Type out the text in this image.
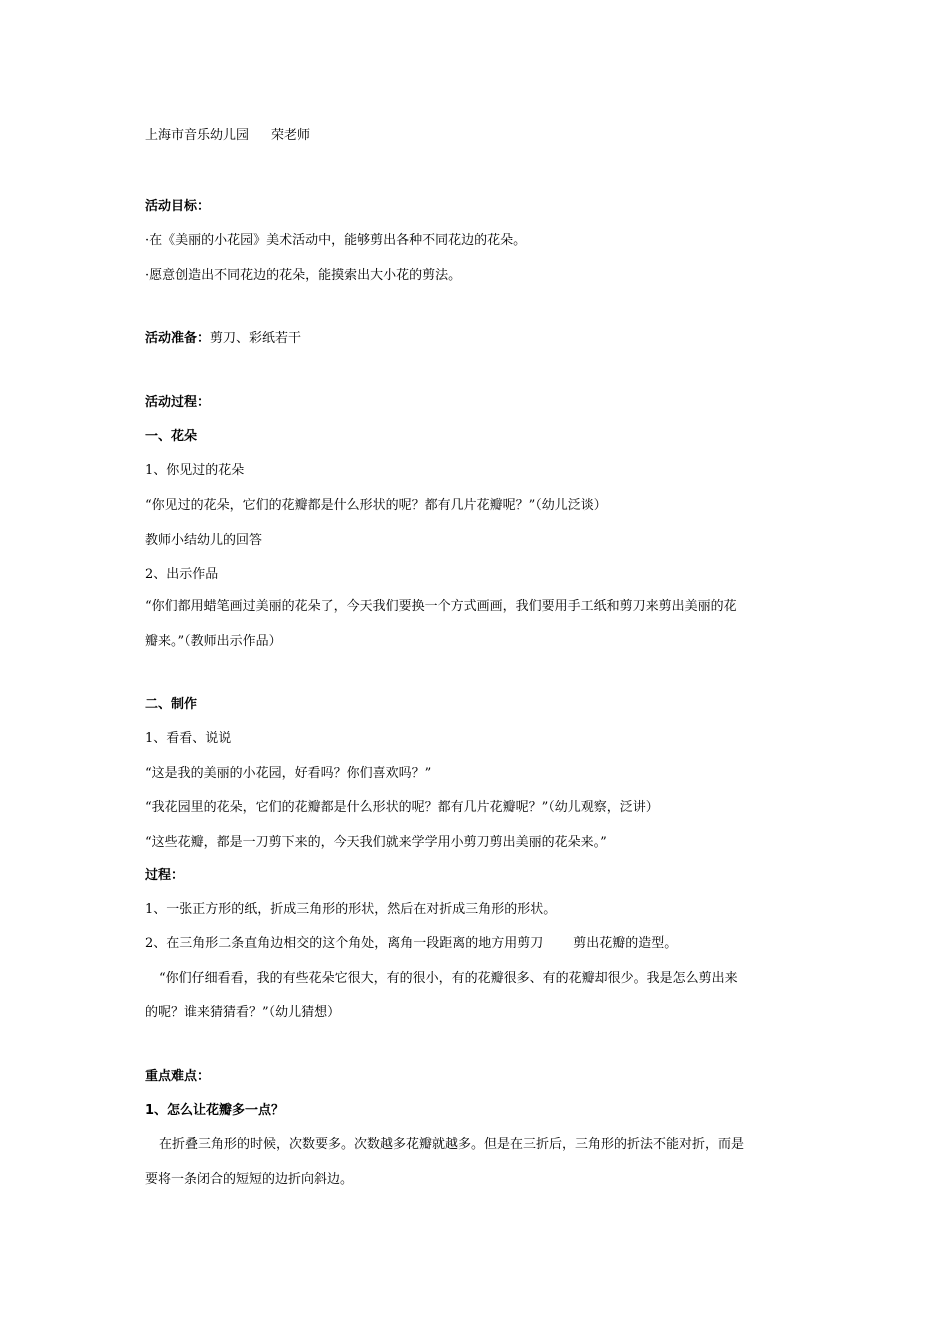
上海市音乐幼儿园 荣老师
活动目标：
·在《美丽的小花园》美术活动中，能够剪出各种不同花边的花朵。
·愿意创造出不同花边的花朵，能摸索出大小花的剪法。
活动准备：剪刀、彩纸若干
活动过程：
一、花朵
1、你见过的花朵
“你见过的花朵，它们的花瓣都是什么形状的呢？都有几片花瓣呢？”（幼儿泛谈）
教师小结幼儿的回答
2、出示作品
“你们都用蜡笔画过美丽的花朵了，今天我们要换一个方式画画，我们要用手工纸和剪刀来剪出美丽的花
瓣来。”（教师出示作品）
二、制作
1、看看、说说
“这是我的美丽的小花园，好看吗？你们喜欢吗？”
“我花园里的花朵，它们的花瓣都是什么形状的呢？都有几片花瓣呢？”（幼儿观察，泛讲）
“这些花瓣，都是一刀剪下来的，今天我们就来学学用小剪刀剪出美丽的花朵来。”
过程：
1、一张正方形的纸，折成三角形的形状，然后在对折成三角形的形状。
2、在三角形二条直角边相交的这个角处，离角一段距离的地方用剪刀 剪出花瓣的造型。
“你们仔细看看，我的有些花朵它很大，有的很小，有的花瓣很多、有的花瓣却很少。我是怎么剪出来
的呢？谁来猜猜看？”（幼儿猜想）
重点难点：
1、怎么让花瓣多一点？
在折叠三角形的时候，次数要多。次数越多花瓣就越多。但是在三折后，三角形的折法不能对折，而是
要将一条闭合的短短的边折向斜边。
